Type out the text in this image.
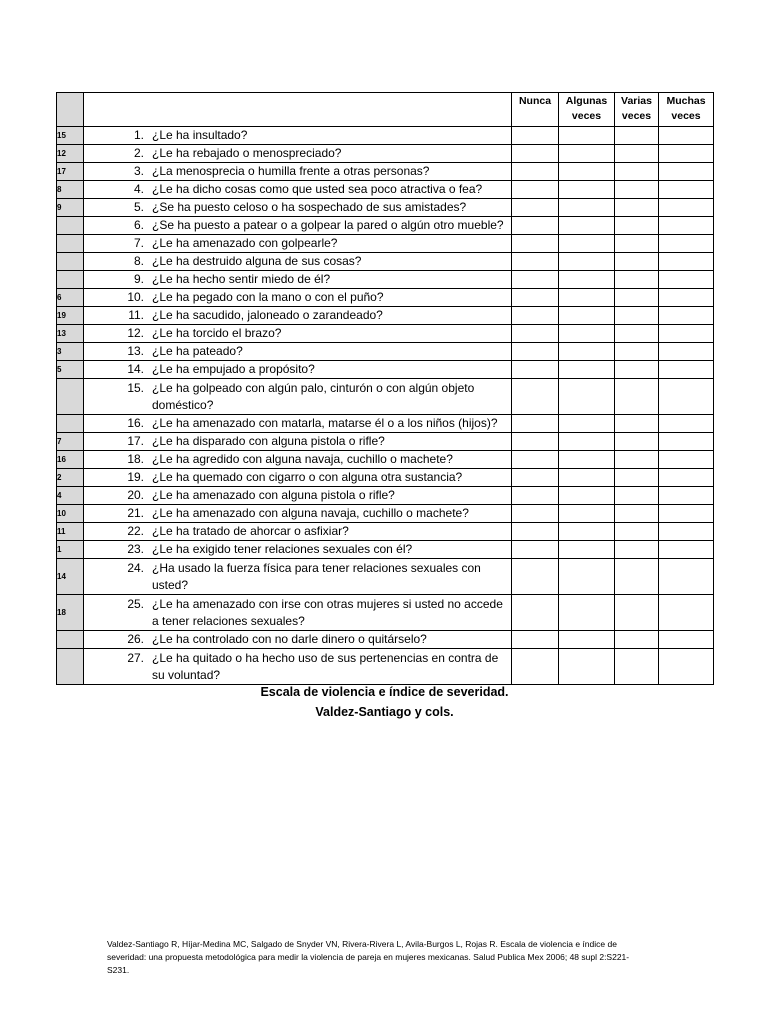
		Nunca	Algunas veces	Varias veces	Muchas veces
15	1. ¿Le ha insultado?				

12	2. ¿Le ha rebajado o menospreciado?				

17	3. ¿La menosprecia o humilla frente a otras personas?				

8	4. ¿Le ha dicho cosas como que usted sea poco atractiva o fea?				

9	5. ¿Se ha puesto celoso o ha sospechado de sus amistades?				

	6. ¿Se ha puesto a patear o a golpear la pared o algún otro mueble?				

	7. ¿Le ha amenazado con golpearle?				

	8. ¿Le ha destruido alguna de sus cosas?				

	9. ¿Le ha hecho sentir miedo de él?				

6	10. ¿Le ha pegado con la mano o con el puño?				

19	11. ¿Le ha sacudido, jaloneado o zarandeado?				

13	12. ¿Le ha torcido el brazo?				

3	13. ¿Le ha pateado?				

5	14. ¿Le ha empujado a propósito?				

	15. ¿Le ha golpeado con algún palo, cinturón o con algún objeto doméstico?				

	16. ¿Le ha amenazado con matarla, matarse él o a los niños (hijos)?				

7	17. ¿Le ha disparado con alguna pistola o rifle?				

16	18. ¿Le ha agredido con alguna navaja, cuchillo o machete?				

2	19. ¿Le ha quemado con cigarro o con alguna otra sustancia?				

4	20. ¿Le ha amenazado con alguna pistola o rifle?				

10	21. ¿Le ha amenazado con alguna navaja, cuchillo o machete?				

11	22. ¿Le ha tratado de ahorcar o asfixiar?				

1	23. ¿Le ha exigido tener relaciones sexuales con él?				

14	24. ¿Ha usado la fuerza física para tener relaciones sexuales con usted?				

18	25. ¿Le ha amenazado con irse con otras mujeres si usted no accede a tener relaciones sexuales?				

	26. ¿Le ha controlado con no darle dinero o quitárselo?				

	27. ¿Le ha quitado o ha hecho uso de sus pertenencias en contra de su voluntad?				

Escala de violencia e índice de severidad.
Valdez-Santiago y cols.
Valdez-Santiago R, Híjar-Medina MC, Salgado de Snyder VN, Rivera-Rivera L, Avila-Burgos L, Rojas R. Escala de violencia e índice de severidad: una propuesta metodológica para medir la violencia de pareja en mujeres mexicanas. Salud Publica Mex 2006; 48 supl 2:S221-S231.
